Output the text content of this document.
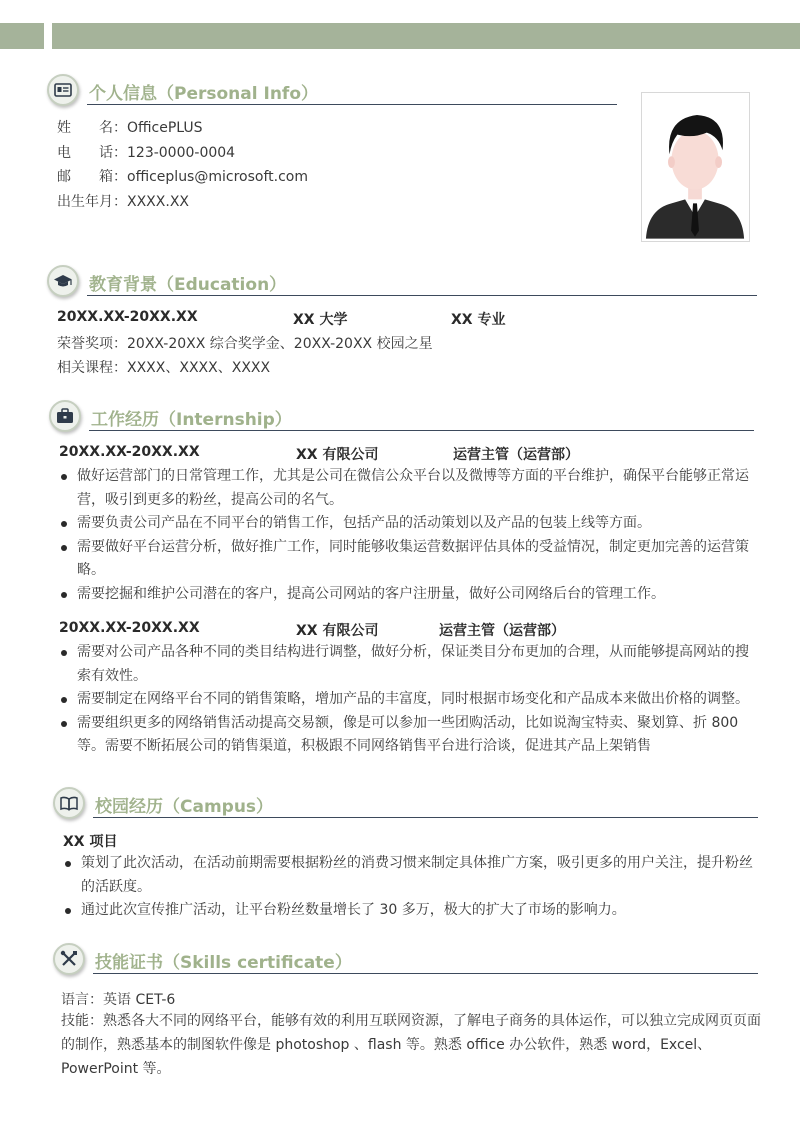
个人信息（Personal Info）
姓　　名：OfficePLUS
电　　话：123-0000-0004
邮　　箱：officeplus@microsoft.com
出生年月：XXXX.XX
教育背景（Education）
20XX.XX-20XX.XX	XX 大学	XX 专业
荣誉奖项：20XX-20XX 综合奖学金、20XX-20XX 校园之星
相关课程：XXXX、XXXX、XXXX
工作经历（Internship）
20XX.XX-20XX.XX	XX 有限公司	运营主管（运营部）
做好运营部门的日常管理工作，尤其是公司在微信公众平台以及微博等方面的平台维护，确保平台能够正常运营，吸引到更多的粉丝，提高公司的名气。
需要负责公司产品在不同平台的销售工作，包括产品的活动策划以及产品的包装上线等方面。
需要做好平台运营分析，做好推广工作，同时能够收集运营数据评估具体的受益情况，制定更加完善的运营策略。
需要挖掘和维护公司潜在的客户，提高公司网站的客户注册量，做好公司网络后台的管理工作。
20XX.XX-20XX.XX	XX 有限公司	运营主管（运营部）
需要对公司产品各种不同的类目结构进行调整，做好分析，保证类目分布更加的合理，从而能够提高网站的搜索有效性。
需要制定在网络平台不同的销售策略，增加产品的丰富度，同时根据市场变化和产品成本来做出价格的调整。
需要组织更多的网络销售活动提高交易额，像是可以参加一些团购活动，比如说淘宝特卖、聚划算、折 800 等。需要不断拓展公司的销售渠道，积极跟不同网络销售平台进行洽谈，促进其产品上架销售
校园经历（Campus）
XX 项目
策划了此次活动，在活动前期需要根据粉丝的消费习惯来制定具体推广方案，吸引更多的用户关注，提升粉丝的活跃度。
通过此次宣传推广活动，让平台粉丝数量增长了 30 多万，极大的扩大了市场的影响力。
技能证书（Skills certificate）
语言：英语 CET-6
技能：熟悉各大不同的网络平台，能够有效的利用互联网资源，了解电子商务的具体运作，可以独立完成网页页面的制作，熟悉基本的制图软件像是 photoshop 、flash 等。熟悉 office 办公软件，熟悉 word，Excel、PowerPoint 等。
